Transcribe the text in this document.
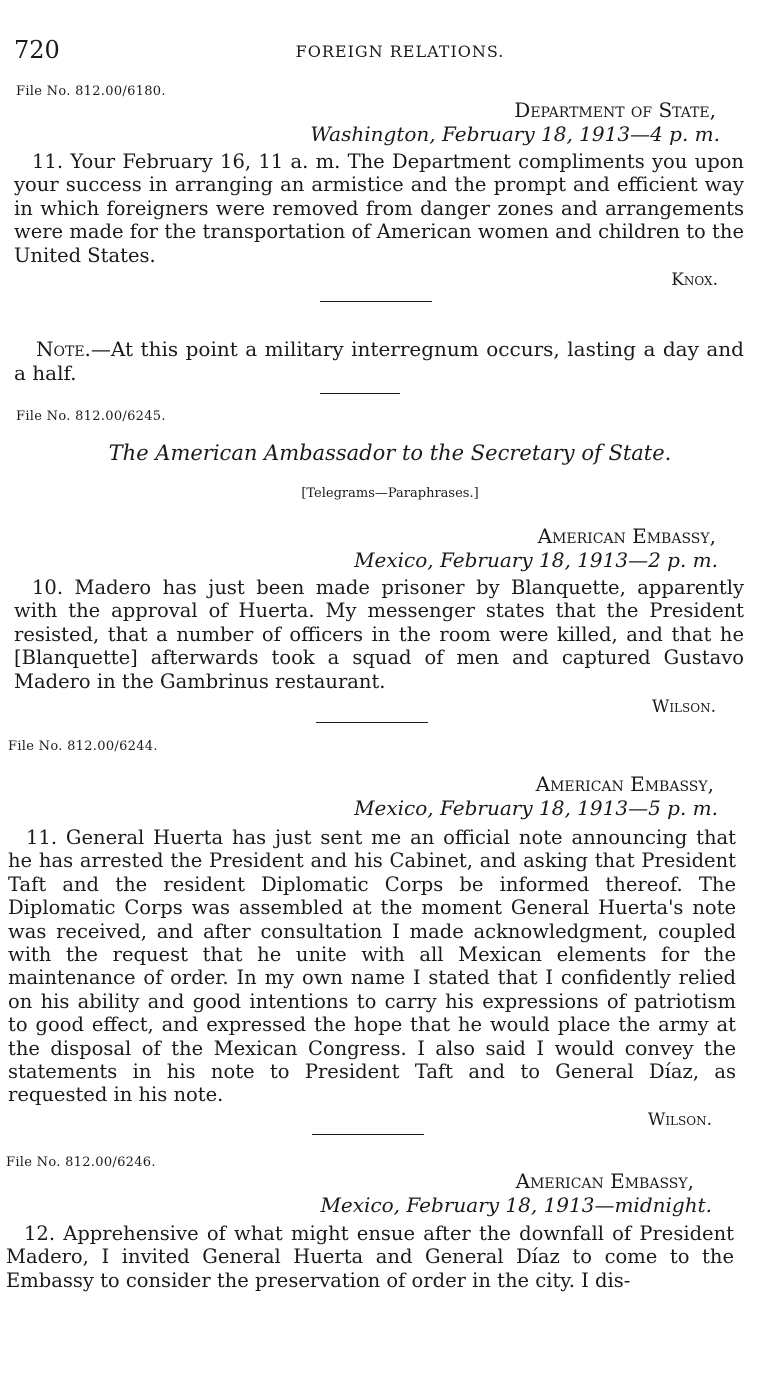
720	FOREIGN RELATIONS.
File No. 812.00/6180.
Department of State,
Washington, February 18, 1913—4 p. m.
11. Your February 16, 11 a. m. The Department compliments you upon your success in arranging an armistice and the prompt and efficient way in which foreigners were removed from danger zones and arrangements were made for the transportation of American women and children to the United States.
Knox.
Note.—At this point a military interregnum occurs, lasting a day and a half.
File No. 812.00/6245.
The American Ambassador to the Secretary of State.
[Telegrams—Paraphrases.]
American Embassy,
Mexico, February 18, 1913—2 p. m.
10. Madero has just been made prisoner by Blanquette, apparently with the approval of Huerta. My messenger states that the President resisted, that a number of officers in the room were killed, and that he [Blanquette] afterwards took a squad of men and captured Gustavo Madero in the Gambrinus restaurant.
Wilson.
File No. 812.00/6244.
American Embassy,
Mexico, February 18, 1913—5 p. m.
11. General Huerta has just sent me an official note announcing that he has arrested the President and his Cabinet, and asking that President Taft and the resident Diplomatic Corps be informed thereof. The Diplomatic Corps was assembled at the moment General Huerta's note was received, and after consultation I made acknowledgment, coupled with the request that he unite with all Mexican elements for the maintenance of order. In my own name I stated that I confidently relied on his ability and good intentions to carry his expressions of patriotism to good effect, and expressed the hope that he would place the army at the disposal of the Mexican Congress. I also said I would convey the statements in his note to President Taft and to General Díaz, as requested in his note.
Wilson.
File No. 812.00/6246.
American Embassy,
Mexico, February 18, 1913—midnight.
12. Apprehensive of what might ensue after the downfall of President Madero, I invited General Huerta and General Díaz to come to the Embassy to consider the preservation of order in the city. I dis-
